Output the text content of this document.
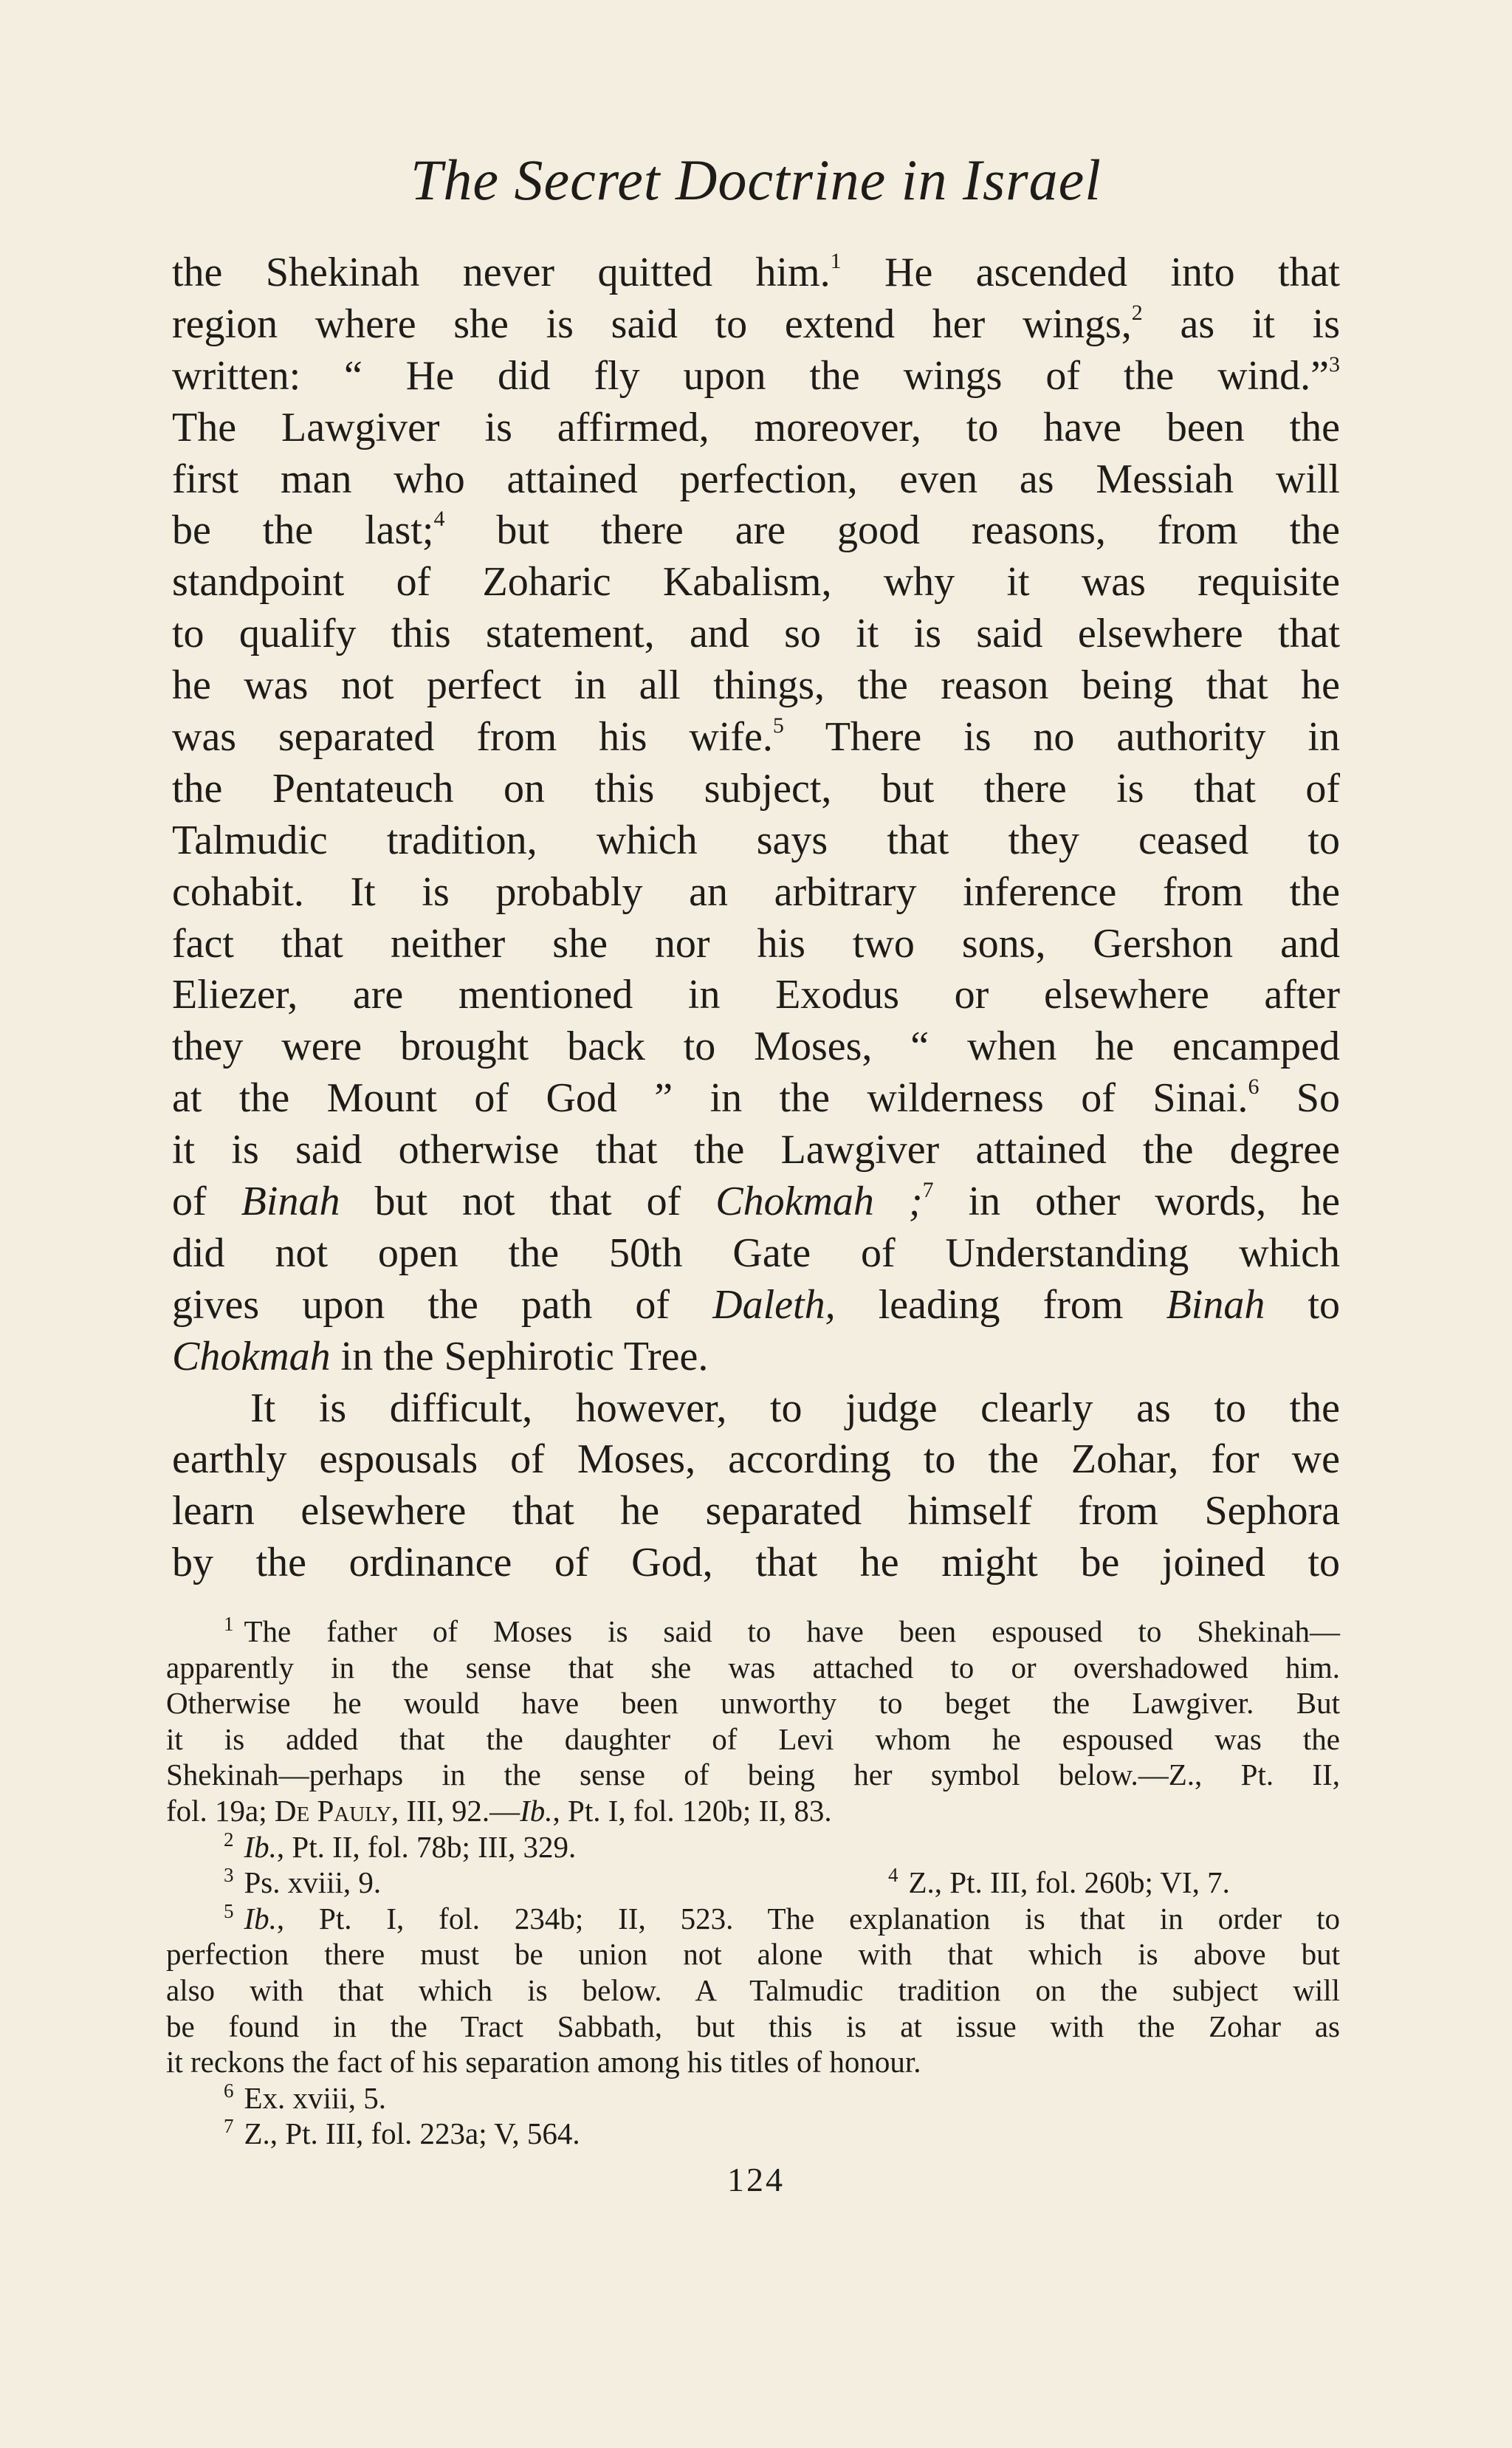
The Secret Doctrine in Israel
the Shekinah never quitted him.$^1$ He ascended into that
region where she is said to extend her wings,$^2$ as it is
written: “ He did fly upon the wings of the wind.”$^3$
The Lawgiver is affirmed, moreover, to have been the
first man who attained perfection, even as Messiah will
be the last;$^4$ but there are good reasons, from the
standpoint of Zoharic Kabalism, why it was requisite
to qualify this statement, and so it is said elsewhere that
he was not perfect in all things, the reason being that he
was separated from his wife.$^5$ There is no authority in
the Pentateuch on this subject, but there is that of
Talmudic tradition, which says that they ceased to
cohabit. It is probably an arbitrary inference from the
fact that neither she nor his two sons, Gershon and
Eliezer, are mentioned in Exodus or elsewhere after
they were brought back to Moses, “ when he encamped
at the Mount of God ” in the wilderness of Sinai.$^6$ So
it is said otherwise that the Lawgiver attained the degree
of Binah but not that of Chokmah ;$^7$ in other words, he
did not open the 50th Gate of Understanding which
gives upon the path of Daleth, leading from Binah to
Chokmah in the Sephirotic Tree.
It is difficult, however, to judge clearly as to the
earthly espousals of Moses, according to the Zohar, for we
learn elsewhere that he separated himself from Sephora
by the ordinance of God, that he might be joined to
$^1$ The father of Moses is said to have been espoused to Shekinah—
apparently in the sense that she was attached to or overshadowed him.
Otherwise he would have been unworthy to beget the Lawgiver. But
it is added that the daughter of Levi whom he espoused was the
Shekinah—perhaps in the sense of being her symbol below.—Z., Pt. II,
fol. 19a; De Pauly, III, 92.—Ib., Pt. I, fol. 120b; II, 83.
$^2$ Ib., Pt. II, fol. 78b; III, 329.
$^3$ Ps. xviii, 9.	$^4$ Z., Pt. III, fol. 260b; VI, 7.
$^5$ Ib., Pt. I, fol. 234b; II, 523. The explanation is that in order to
perfection there must be union not alone with that which is above but
also with that which is below. A Talmudic tradition on the subject will
be found in the Tract Sabbath, but this is at issue with the Zohar as
it reckons the fact of his separation among his titles of honour.
$^6$ Ex. xviii, 5.
$^7$ Z., Pt. III, fol. 223a; V, 564.
124
